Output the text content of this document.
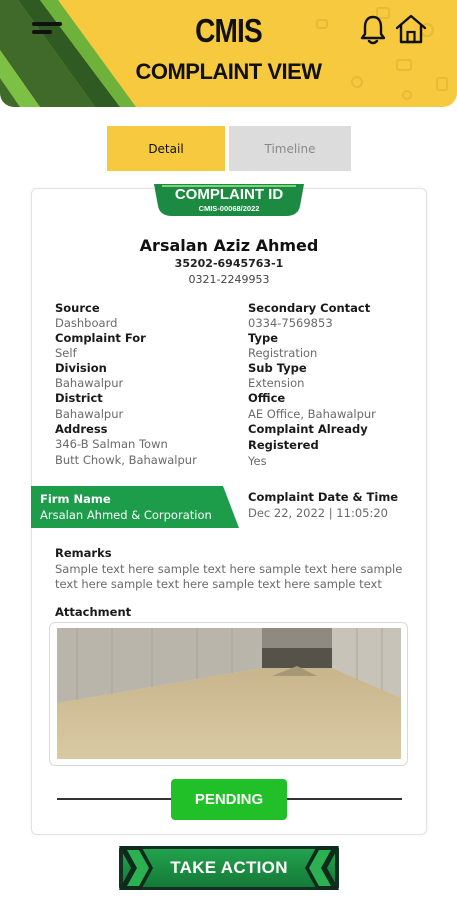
CMIS
COMPLAINT VIEW
Detail	Timeline
COMPLAINT ID
CMIS-00068/2022
Arsalan Aziz Ahmed
35202-6945763-1
0321-2249953
Source
Dashboard
Complaint For
Self
Division
Bahawalpur
District
Bahawalpur
Address
346-B Salman Town
Butt Chowk, Bahawalpur
Secondary Contact
0334-7569853
Type
Registration
Sub Type
Extension
Office
AE Office, Bahawalpur
Complaint Already
Registered
Yes
Firm Name
Arsalan Ahmed & Corporation
Complaint Date & Time
Dec 22, 2022 | 11:05:20
Remarks
Sample text here sample text here sample text here sample text here sample text here sample text here sample text
Attachment
PENDING
TAKE ACTION
